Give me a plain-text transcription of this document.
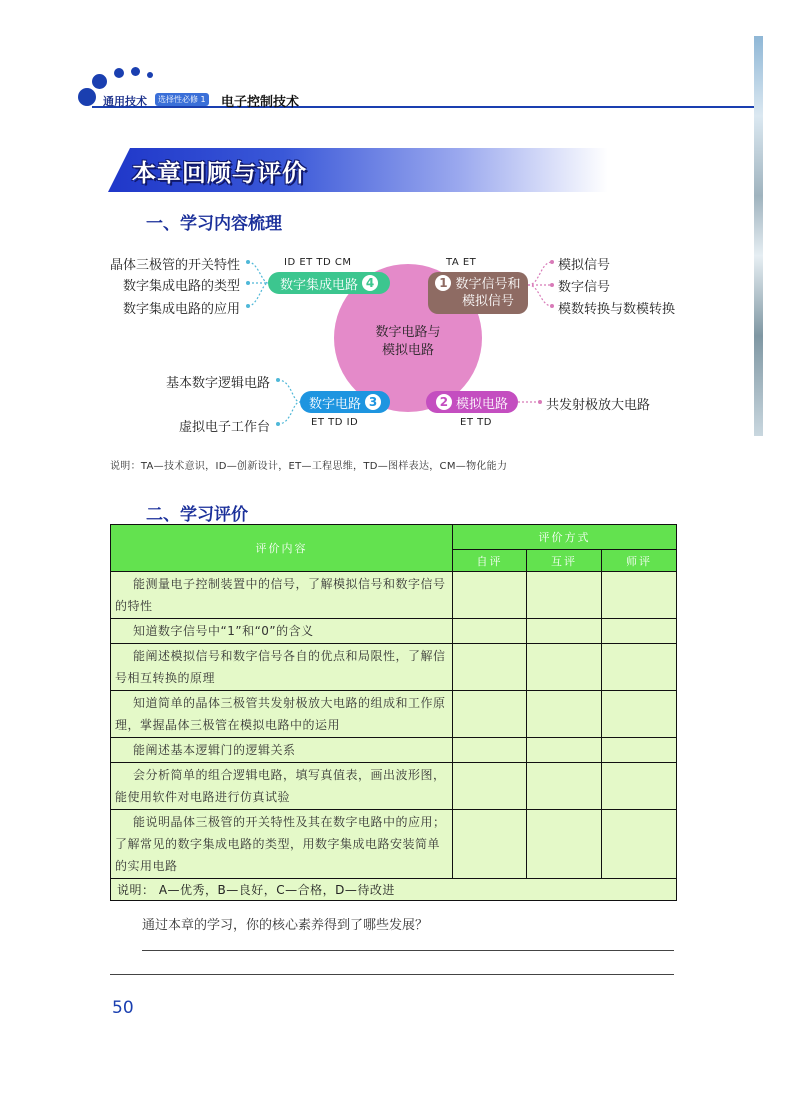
通用技术	选择性必修 1 电子控制技术
本章回顾与评价
一、学习内容梳理
数字电路与
模拟电路
数字集成电路 4
ID ET TD CM
晶体三极管的开关特性
数字集成电路的类型
数字集成电路的应用
1 数字信号和
模拟信号
TA ET	模拟信号
数字信号
模数转换与数模转换
数字电路 3
ET TD ID
基本数字逻辑电路
虚拟电子工作台
2 模拟电路
ET TD
共发射极放大电路
说明：TA—技术意识，ID—创新设计，ET—工程思维，TD—图样表达，CM—物化能力
二、学习评价
评价内容	评价方式		
	自评	互评	师评
能测量电子控制装置中的信号，了解模拟信号和数字信号的特性			
知道数字信号中“1”和“0”的含义			
能阐述模拟信号和数字信号各自的优点和局限性，了解信号相互转换的原理			
知道简单的晶体三极管共发射极放大电路的组成和工作原理，掌握晶体三极管在模拟电路中的运用			
能阐述基本逻辑门的逻辑关系			
会分析简单的组合逻辑电路，填写真值表，画出波形图，能使用软件对电路进行仿真试验			
能说明晶体三极管的开关特性及其在数字电路中的应用；了解常见的数字集成电路的类型，用数字集成电路安装简单的实用电路			
说明： A—优秀，B—良好，C—合格，D—待改进			
通过本章的学习，你的核心素养得到了哪些发展？
50
